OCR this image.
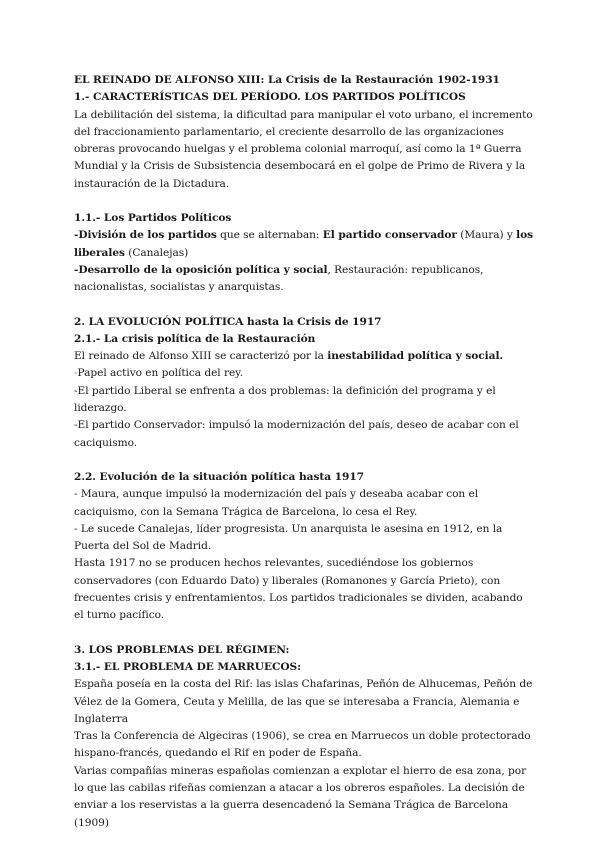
EL REINADO DE ALFONSO XIII: La Crisis de la Restauración 1902-1931

1.- CARACTERÍSTICAS DEL PERÍODO. LOS PARTIDOS POLÍTICOS

La debilitación del sistema, la dificultad para manipular el voto urbano, el incremento del fraccionamiento parlamentario, el creciente desarrollo de las organizaciones obreras provocando huelgas y el problema colonial marroquí, así como la 1ª Guerra Mundial y la Crisis de Subsistencia desembocará en el golpe de Primo de Rivera y la instauración de la Dictadura.

1.1.- Los Partidos Políticos

-División de los partidos que se alternaban: El partido conservador (Maura) y los liberales (Canalejas)

-Desarrollo de la oposición política y social, Restauración: republicanos, nacionalistas, socialistas y anarquistas.

2. LA EVOLUCIÓN POLÍTICA hasta la Crisis de 1917

2.1.- La crisis política de la Restauración

El reinado de Alfonso XIII se caracterizó por la inestabilidad política y social.

-Papel activo en política del rey.

-El partido Liberal se enfrenta a dos problemas: la definición del programa y el liderazgo.

-El partido Conservador: impulsó la modernización del país, deseo de acabar con el caciquismo.

2.2. Evolución de la situación política hasta 1917

- Maura, aunque impulsó la modernización del país y deseaba acabar con el caciquismo, con la Semana Trágica de Barcelona, lo cesa el Rey.

- Le sucede Canalejas, líder progresista. Un anarquista le asesina en 1912, en la Puerta del Sol de Madrid.

Hasta 1917 no se producen hechos relevantes, sucediéndose los gobiernos conservadores (con Eduardo Dato) y liberales (Romanones y García Prieto), con frecuentes crisis y enfrentamientos. Los partidos tradicionales se dividen, acabando el turno pacífico.

3. LOS PROBLEMAS DEL RÉGIMEN:

3.1.- EL PROBLEMA DE MARRUECOS:

España poseía en la costa del Rif: las islas Chafarinas, Peñón de Alhucemas, Peñón de Vélez de la Gomera, Ceuta y Melilla, de las que se interesaba a Francia, Alemania e Inglaterra

Tras la Conferencia de Algeciras (1906), se crea en Marruecos un doble protectorado hispano-francés, quedando el Rif en poder de España.

Varias compañías mineras españolas comienzan a explotar el hierro de esa zona, por lo que las cabilas rifeñas comienzan a atacar a los obreros españoles. La decisión de enviar a los reservistas a la guerra desencadenó la Semana Trágica de Barcelona (1909)
